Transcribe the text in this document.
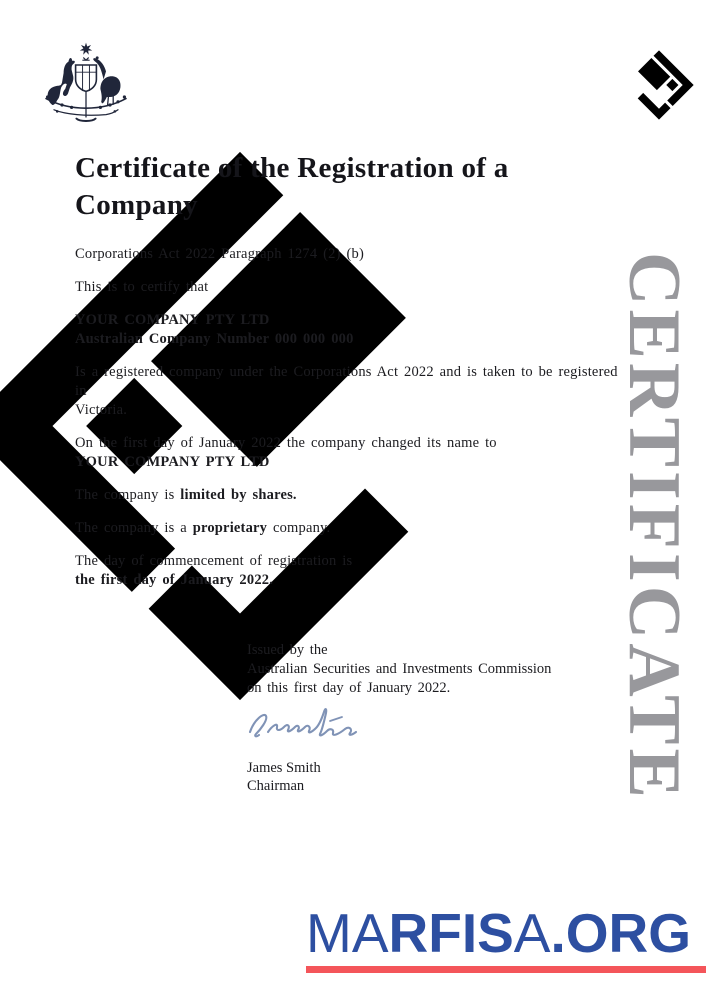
CERTIFICATE
Certificate of the Registration of a
Company

Corporations Act 2022 Paragraph 1274 (2) (b)

This is to certify that

YOUR COMPANY PTY LTD
Australian Company Number 000 000 000

Is a registered company under the Corporations Act 2022 and is taken to be registered in
Victoria.

On the first day of January 2022 the company changed its name to
YOUR COMPANY PTY LTD

The company is limited by shares.

The company is a proprietary company.

The day of commencement of registration is
the first day of January 2022.

Issued by the
Australian Securities and Investments Commission
on this first day of January 2022.
James Smith
Chairman
MARFISA.ORG
